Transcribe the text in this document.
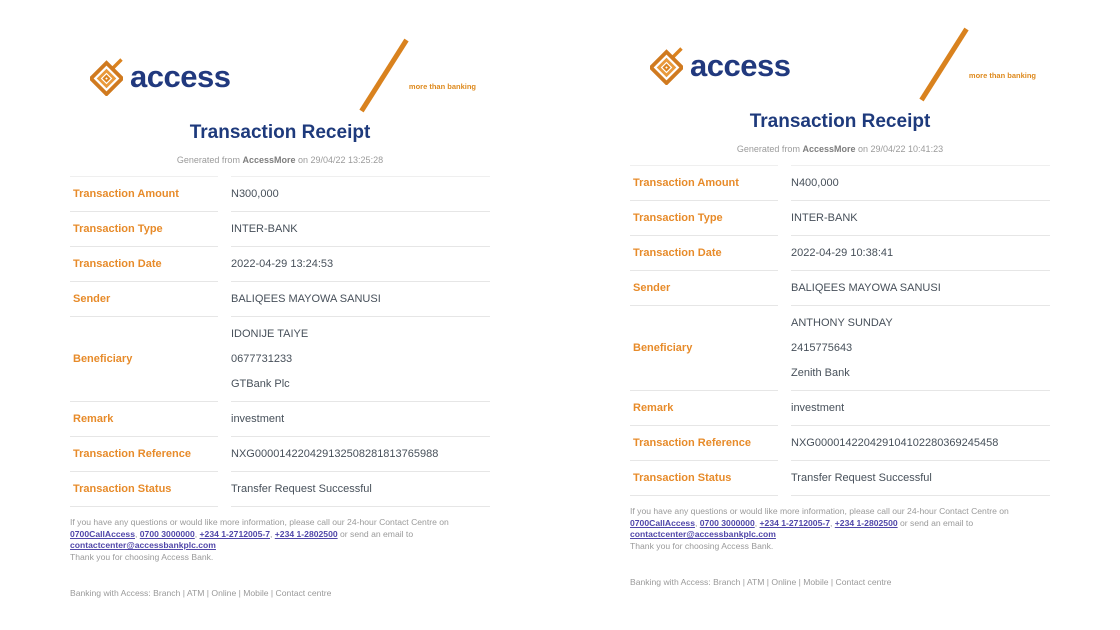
access	more than banking
Transaction Receipt

Generated from AccessMore on 29/04/22 13:25:28

Transaction Amount	N300,000
Transaction Type	INTER-BANK
Transaction Date	2022-04-29 13:24:53
Sender	BALIQEES MAYOWA SANUSI
Beneficiary
IDONIJE TAIYE
0677731233
GTBank Plc
Remark	investment
Transaction Reference	NXG000014220429132508281813765988
Transaction Status	Transfer Request Successful
If you have any questions or would like more information, please call our 24-hour Contact Centre on
0700CallAccess, 0700 3000000, +234 1-2712005-7, +234 1-2802500 or send an email to contactcenter@accessbankplc.com
Thank you for choosing Access Bank.
Banking with Access: Branch | ATM | Online | Mobile | Contact centre
access	more than banking
Transaction Receipt

Generated from AccessMore on 29/04/22 10:41:23

Transaction Amount	N400,000
Transaction Type	INTER-BANK
Transaction Date	2022-04-29 10:38:41
Sender	BALIQEES MAYOWA SANUSI
Beneficiary
ANTHONY SUNDAY
2415775643
Zenith Bank
Remark	investment
Transaction Reference	NXG000014220429104102280369245458
Transaction Status	Transfer Request Successful
If you have any questions or would like more information, please call our 24-hour Contact Centre on
0700CallAccess, 0700 3000000, +234 1-2712005-7, +234 1-2802500 or send an email to contactcenter@accessbankplc.com
Thank you for choosing Access Bank.
Banking with Access: Branch | ATM | Online | Mobile | Contact centre
